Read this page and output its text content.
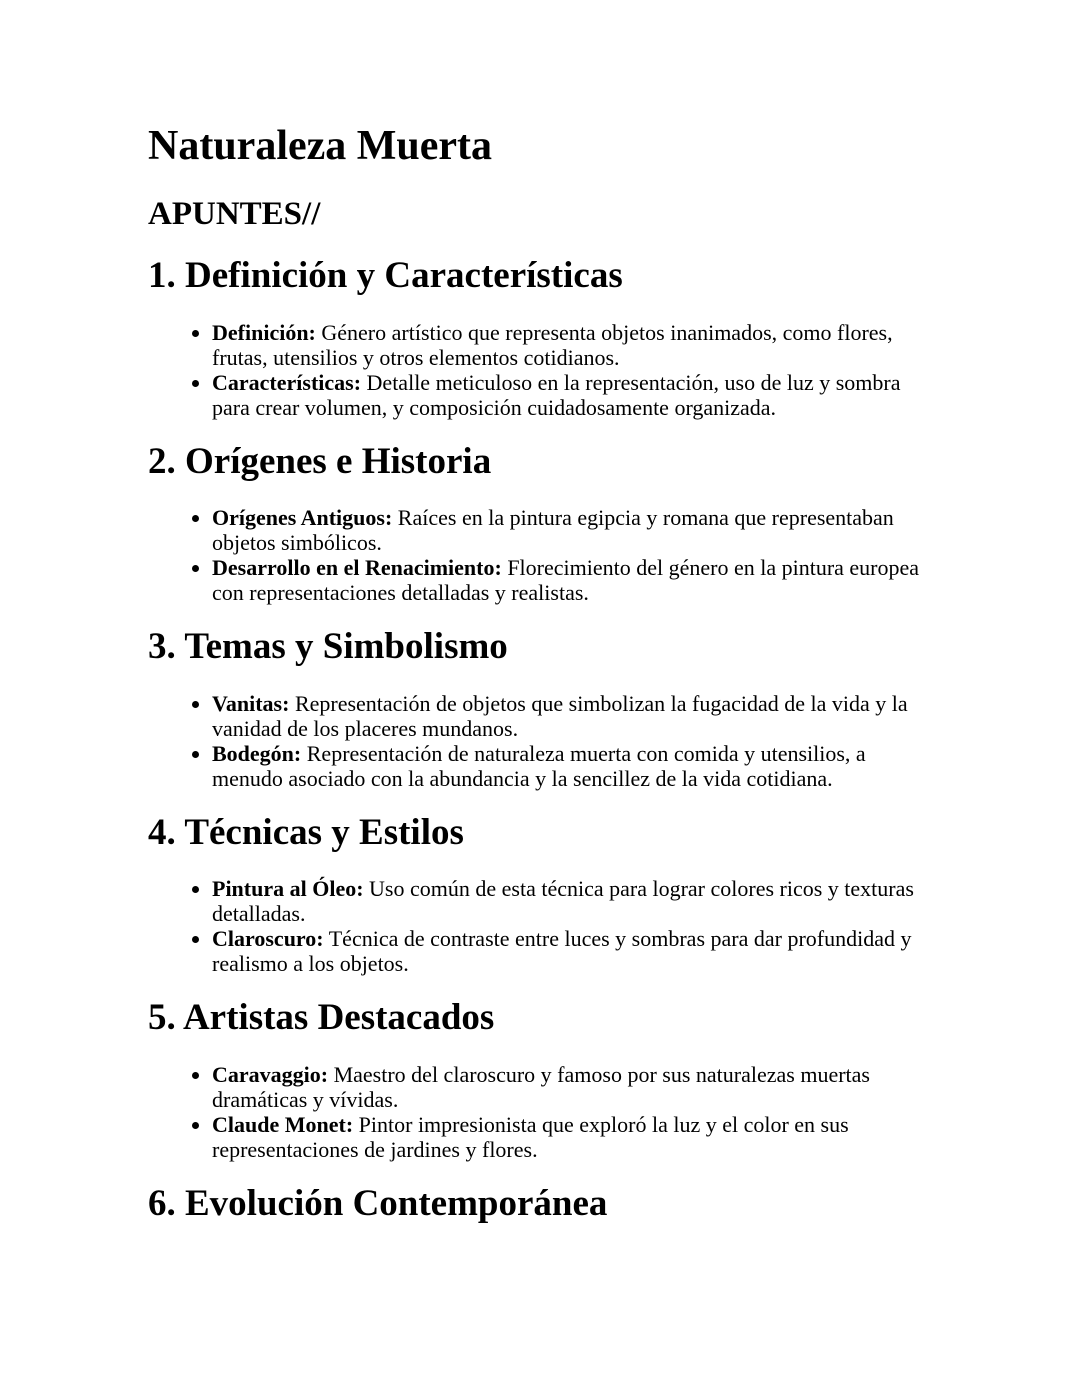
Naturaleza Muerta
APUNTES//
1. Definición y Características
• Definición: Género artístico que representa objetos inanimados, como flores, frutas, utensilios y otros elementos cotidianos.
• Características: Detalle meticuloso en la representación, uso de luz y sombra para crear volumen, y composición cuidadosamente organizada.
2. Orígenes e Historia
• Orígenes Antiguos: Raíces en la pintura egipcia y romana que representaban objetos simbólicos.
• Desarrollo en el Renacimiento: Florecimiento del género en la pintura europea con representaciones detalladas y realistas.
3. Temas y Simbolismo
• Vanitas: Representación de objetos que simbolizan la fugacidad de la vida y la vanidad de los placeres mundanos.
• Bodegón: Representación de naturaleza muerta con comida y utensilios, a menudo asociado con la abundancia y la sencillez de la vida cotidiana.
4. Técnicas y Estilos
• Pintura al Óleo: Uso común de esta técnica para lograr colores ricos y texturas detalladas.
• Claroscuro: Técnica de contraste entre luces y sombras para dar profundidad y realismo a los objetos.
5. Artistas Destacados
• Caravaggio: Maestro del claroscuro y famoso por sus naturalezas muertas dramáticas y vívidas.
• Claude Monet: Pintor impresionista que exploró la luz y el color en sus representaciones de jardines y flores.
6. Evolución Contemporánea
